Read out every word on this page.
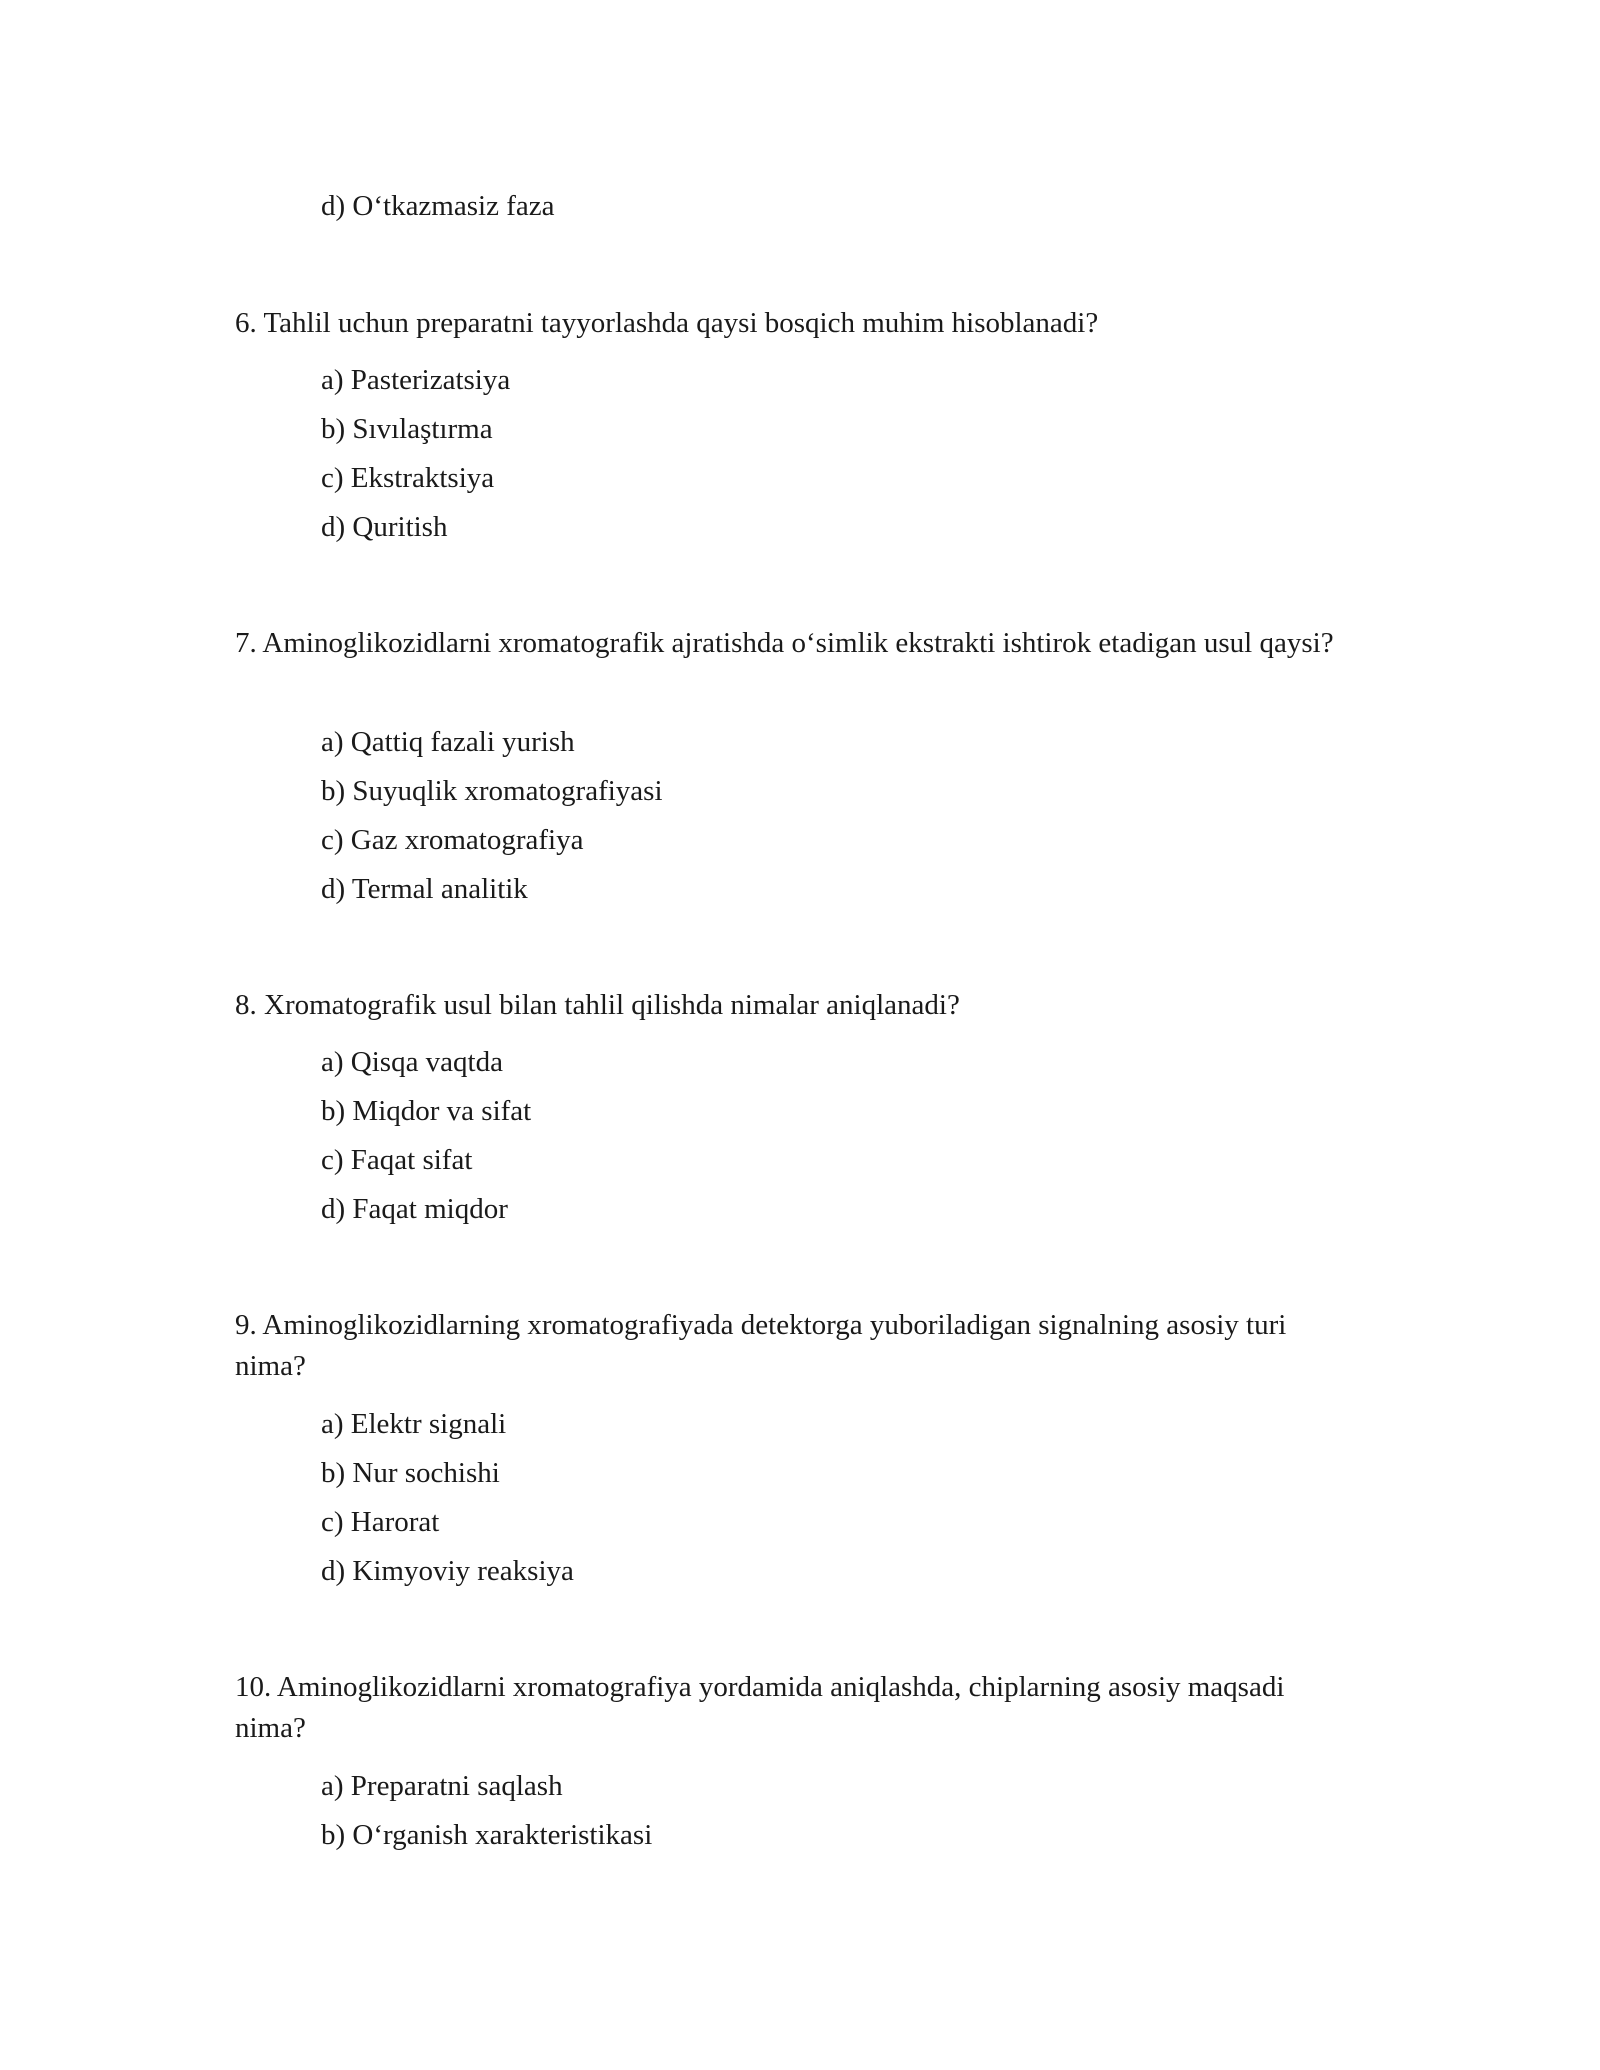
d) O‘tkazmasiz faza

6. Tahlil uchun preparatni tayyorlashda qaysi bosqich muhim hisoblanadi?

a) Pasterizatsiya

b) Sıvılaştırma

c) Ekstraktsiya

d) Quritish

7. Aminoglikozidlarni xromatografik ajratishda o‘simlik ekstrakti ishtirok etadigan usul qaysi?

a) Qattiq fazali yurish

b) Suyuqlik xromatografiyasi

c) Gaz xromatografiya

d) Termal analitik

8. Xromatografik usul bilan tahlil qilishda nimalar aniqlanadi?

a) Qisqa vaqtda

b) Miqdor va sifat

c) Faqat sifat

d) Faqat miqdor

9. Aminoglikozidlarning xromatografiyada detektorga yuboriladigan signalning asosiy turi nima?

a) Elektr signali

b) Nur sochishi

c) Harorat

d) Kimyoviy reaksiya

10. Aminoglikozidlarni xromatografiya yordamida aniqlashda, chiplarning asosiy maqsadi nima?

a) Preparatni saqlash

b) O‘rganish xarakteristikasi
